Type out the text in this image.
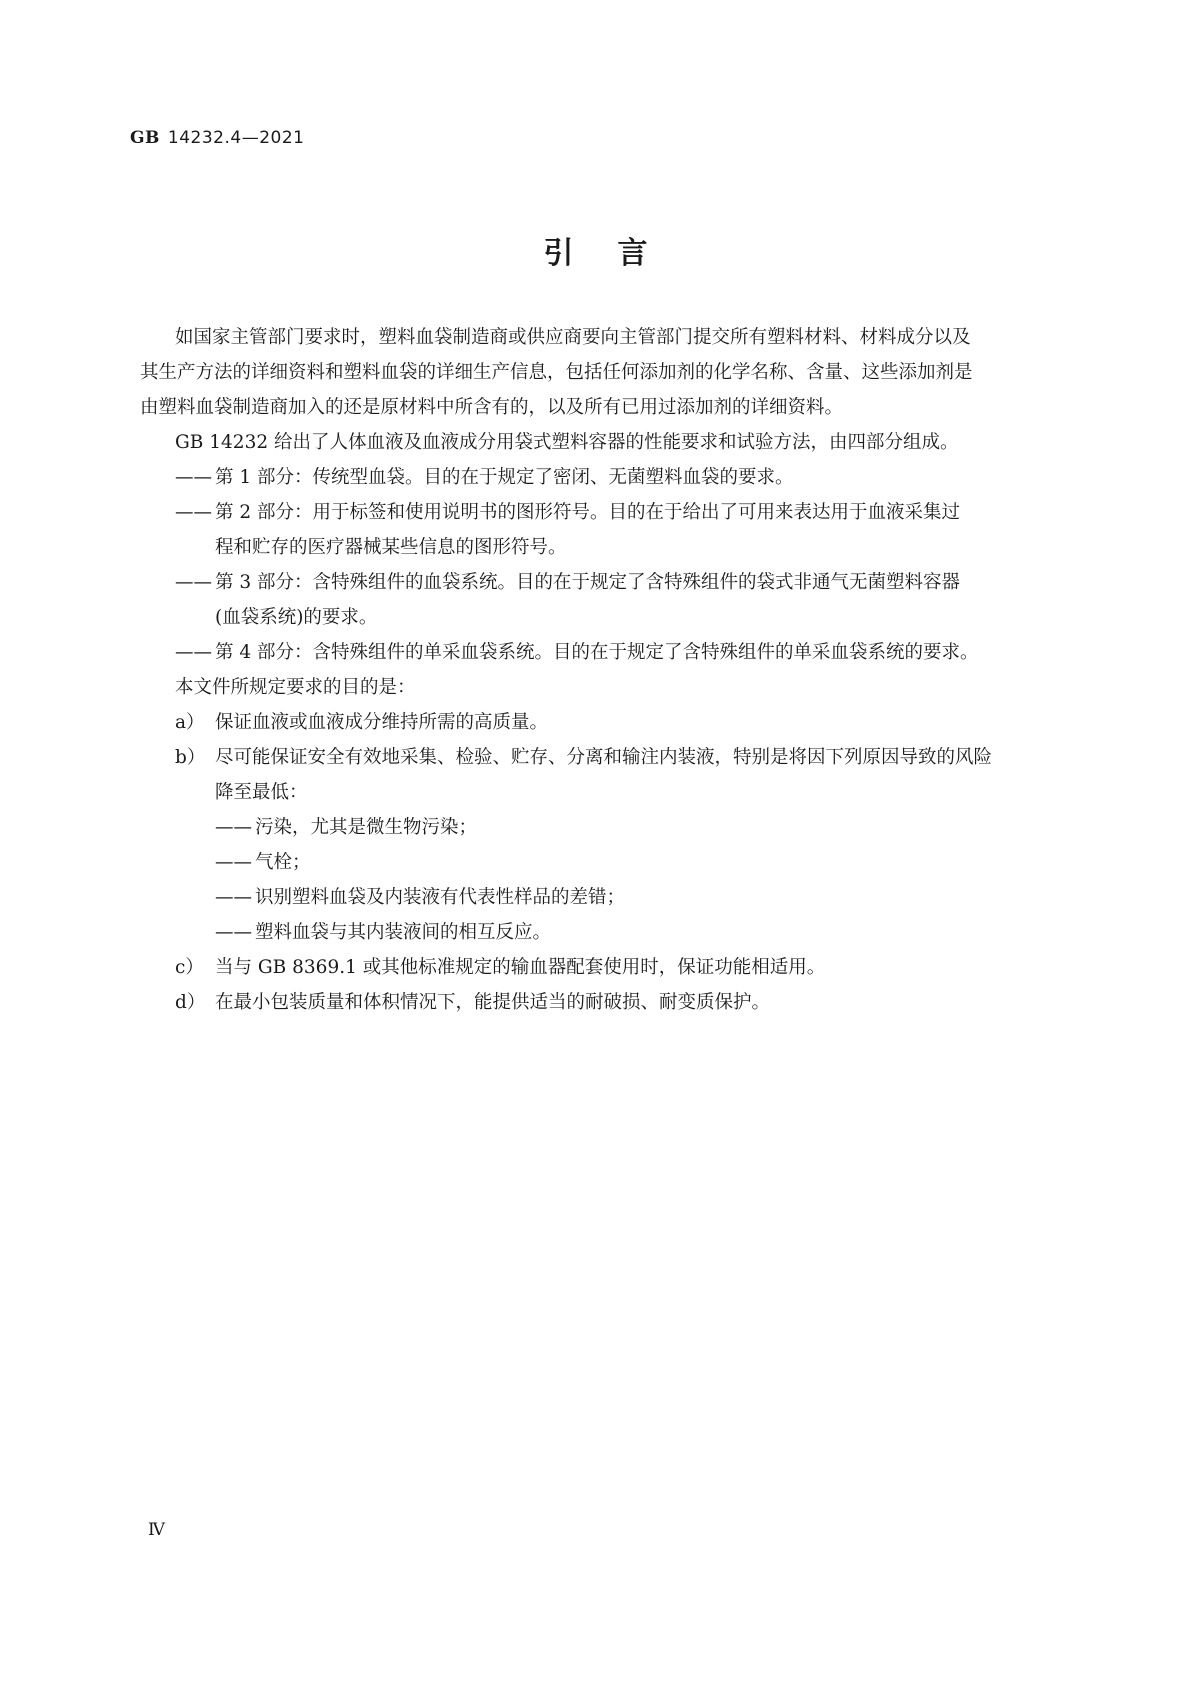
GB 14232.4—2021
引言
如国家主管部门要求时，塑料血袋制造商或供应商要向主管部门提交所有塑料材料、材料成分以及
其生产方法的详细资料和塑料血袋的详细生产信息，包括任何添加剂的化学名称、含量、这些添加剂是
由塑料血袋制造商加入的还是原材料中所含有的，以及所有已用过添加剂的详细资料。
GB 14232 给出了人体血液及血液成分用袋式塑料容器的性能要求和试验方法，由四部分组成。
—— 第 1 部分：传统型血袋。目的在于规定了密闭、无菌塑料血袋的要求。
—— 第 2 部分：用于标签和使用说明书的图形符号。目的在于给出了可用来表达用于血液采集过
程和贮存的医疗器械某些信息的图形符号。
—— 第 3 部分：含特殊组件的血袋系统。目的在于规定了含特殊组件的袋式非通气无菌塑料容器
(血袋系统)的要求。
—— 第 4 部分：含特殊组件的单采血袋系统。目的在于规定了含特殊组件的单采血袋系统的要求。
本文件所规定要求的目的是：
a） 保证血液或血液成分维持所需的高质量。
b） 尽可能保证安全有效地采集、检验、贮存、分离和输注内装液，特别是将因下列原因导致的风险
降至最低：
—— 污染，尤其是微生物污染；
—— 气栓；
—— 识别塑料血袋及内装液有代表性样品的差错；
—— 塑料血袋与其内装液间的相互反应。
c） 当与 GB 8369.1 或其他标准规定的输血器配套使用时，保证功能相适用。
d） 在最小包装质量和体积情况下，能提供适当的耐破损、耐变质保护。
Ⅳ
